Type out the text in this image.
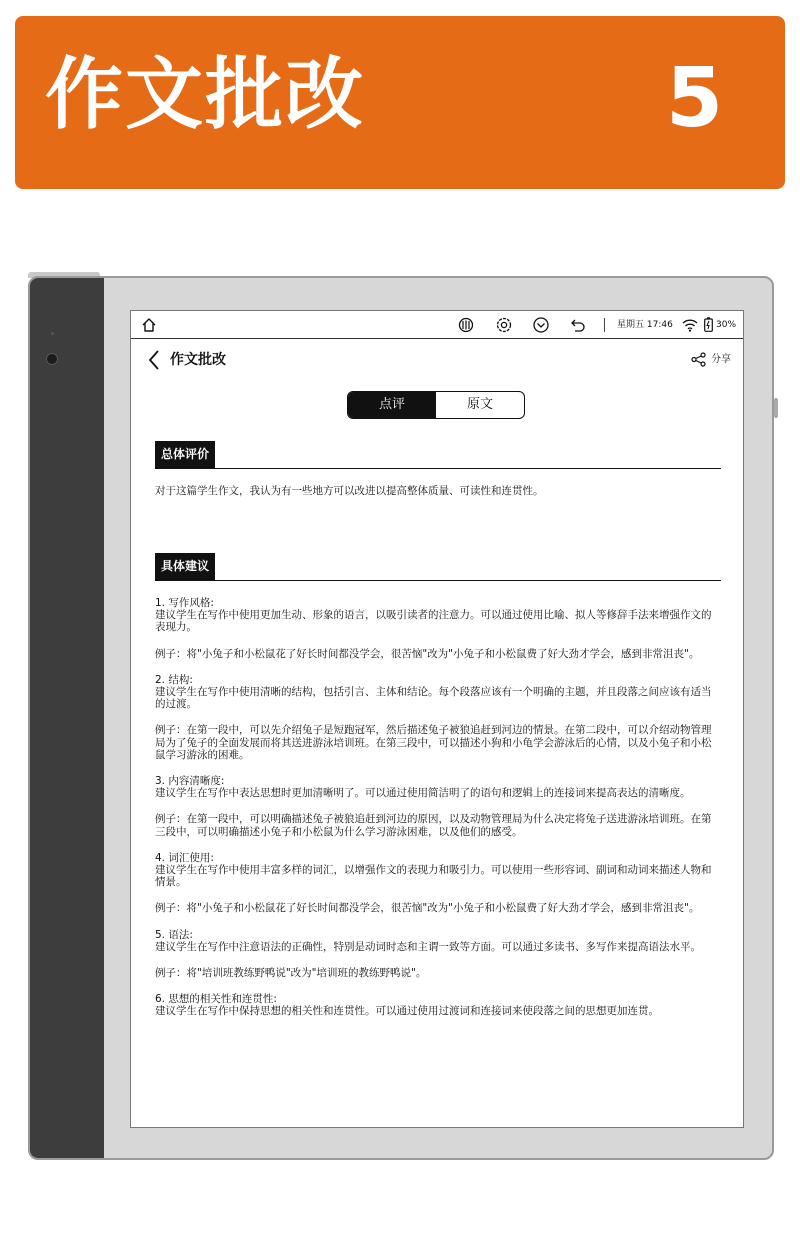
作文批改	5
星期五 17:46	30%
作文批改	分享
点评	原文
总体评价
对于这篇学生作文，我认为有一些地方可以改进以提高整体质量、可读性和连贯性。
具体建议

1. 写作风格:
建议学生在写作中使用更加生动、形象的语言，以吸引读者的注意力。可以通过使用比喻、拟人等修辞手法来增强作文的表现力。

例子：将"小兔子和小松鼠花了好长时间都没学会，很苦恼"改为"小兔子和小松鼠费了好大劲才学会，感到非常沮丧"。

2. 结构:
建议学生在写作中使用清晰的结构，包括引言、主体和结论。每个段落应该有一个明确的主题，并且段落之间应该有适当的过渡。

例子：在第一段中，可以先介绍兔子是短跑冠军，然后描述兔子被狼追赶到河边的情景。在第二段中，可以介绍动物管理局为了兔子的全面发展而将其送进游泳培训班。在第三段中，可以描述小狗和小龟学会游泳后的心情，以及小兔子和小松鼠学习游泳的困难。

3. 内容清晰度:
建议学生在写作中表达思想时更加清晰明了。可以通过使用简洁明了的语句和逻辑上的连接词来提高表达的清晰度。

例子：在第一段中，可以明确描述兔子被狼追赶到河边的原因，以及动物管理局为什么决定将兔子送进游泳培训班。在第三段中，可以明确描述小兔子和小松鼠为什么学习游泳困难，以及他们的感受。

4. 词汇使用:
建议学生在写作中使用丰富多样的词汇，以增强作文的表现力和吸引力。可以使用一些形容词、副词和动词来描述人物和情景。

例子：将"小兔子和小松鼠花了好长时间都没学会，很苦恼"改为"小兔子和小松鼠费了好大劲才学会，感到非常沮丧"。

5. 语法:
建议学生在写作中注意语法的正确性，特别是动词时态和主谓一致等方面。可以通过多读书、多写作来提高语法水平。

例子：将"培训班教练野鸭说"改为"培训班的教练野鸭说"。

6. 思想的相关性和连贯性:
建议学生在写作中保持思想的相关性和连贯性。可以通过使用过渡词和连接词来使段落之间的思想更加连贯。
